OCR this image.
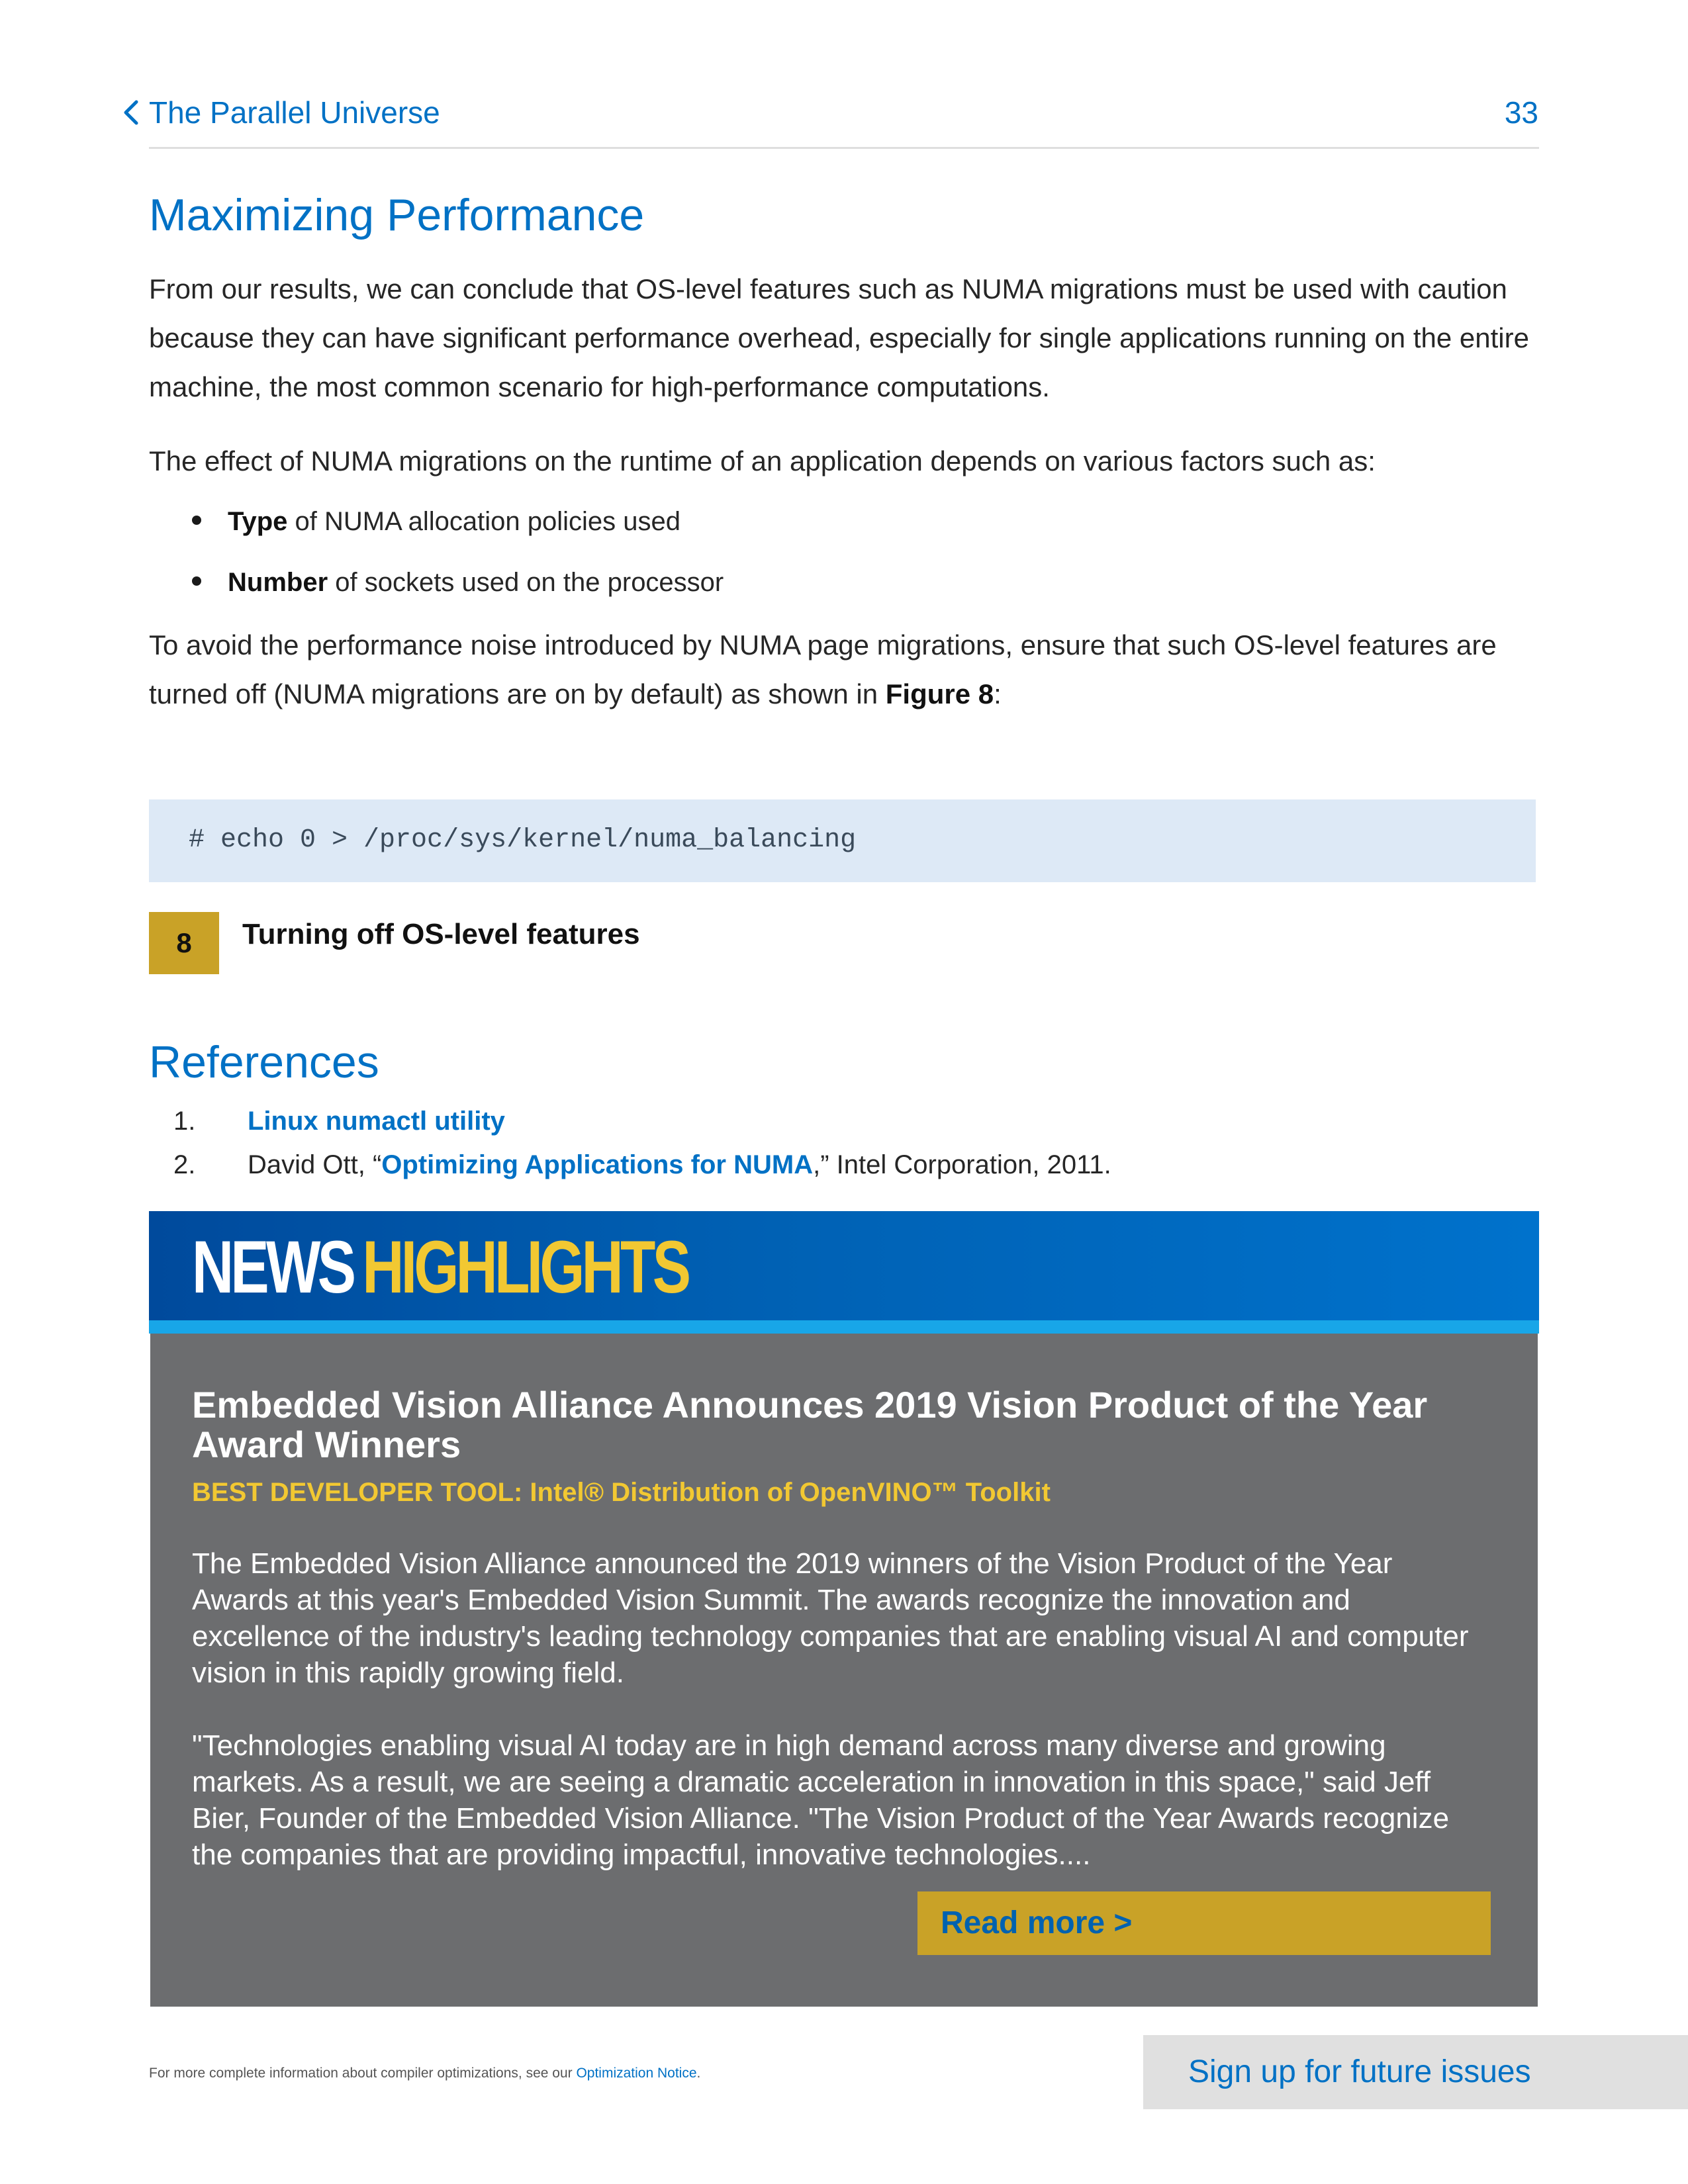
The Parallel Universe	33
Maximizing Performance

From our results, we can conclude that OS-level features such as NUMA migrations must be used with caution because they can have significant performance overhead, especially for single applications running on the entire machine, the most common scenario for high-performance computations.

The effect of NUMA migrations on the runtime of an application depends on various factors such as:

Type of NUMA allocation policies used
Number of sockets used on the processor

To avoid the performance noise introduced by NUMA page migrations, ensure that such OS-level features are turned off (NUMA migrations are on by default) as shown in Figure 8:

# echo 0 > /proc/sys/kernel/numa_balancing
8	Turning off OS-level features
References
1. Linux numactl utility
2. David Ott, “Optimizing Applications for NUMA,” Intel Corporation, 2011.
NEWS HIGHLIGHTS
Embedded Vision Alliance Announces 2019 Vision Product of the Year Award Winners
BEST DEVELOPER TOOL: Intel® Distribution of OpenVINO™ Toolkit

The Embedded Vision Alliance announced the 2019 winners of the Vision Product of the Year Awards at this year's Embedded Vision Summit. The awards recognize the innovation and excellence of the industry's leading technology companies that are enabling visual AI and computer vision in this rapidly growing field.

"Technologies enabling visual AI today are in high demand across many diverse and growing markets. As a result, we are seeing a dramatic acceleration in innovation in this space," said Jeff Bier, Founder of the Embedded Vision Alliance. "The Vision Product of the Year Awards recognize the companies that are providing impactful, innovative technologies....

Read more >
For more complete information about compiler optimizations, see our Optimization Notice.	Sign up for future issues
